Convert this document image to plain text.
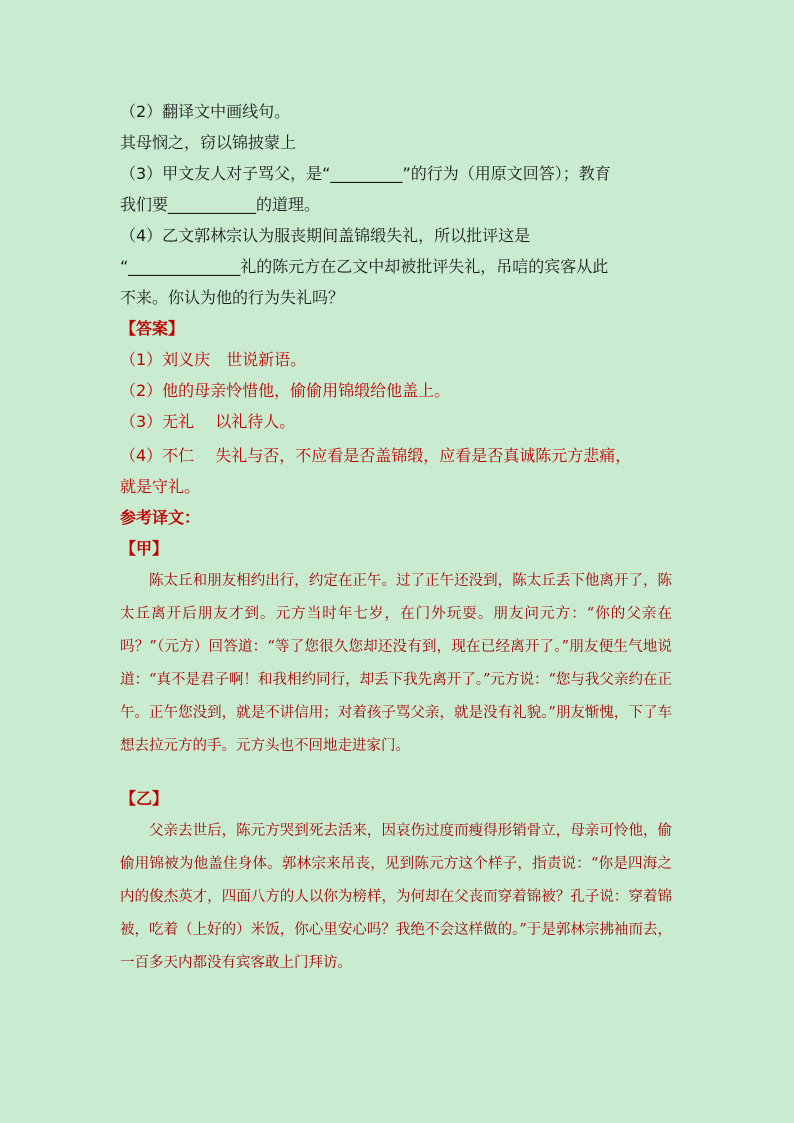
（2）翻译文中画线句。

其母悯之，窃以锦披蒙上

（3）甲文友人对子骂父，是“_________”的行为（用原文回答）；教育

我们要___________的道理。

（4）乙文郭林宗认为服丧期间盖锦缎失礼，所以批评这是

“______________礼的陈元方在乙文中却被批评失礼，吊唁的宾客从此

不来。你认为他的行为失礼吗？

【答案】

（1）刘义庆　世说新语。

（2）他的母亲怜惜他，偷偷用锦缎给他盖上。

（3）无礼　 以礼待人。

（4）不仁　 失礼与否，不应看是否盖锦缎，应看是否真诚陈元方悲痛，

就是守礼。

参考译文：

【甲】

陈太丘和朋友相约出行，约定在正午。过了正午还没到，陈太丘丢下他离开了，陈太丘离开后朋友才到。元方当时年七岁，在门外玩耍。朋友问元方：“你的父亲在吗？”（元方）回答道：“等了您很久您却还没有到，现在已经离开了。”朋友便生气地说道：“真不是君子啊！和我相约同行，却丢下我先离开了。”元方说：“您与我父亲约在正午。正午您没到，就是不讲信用；对着孩子骂父亲，就是没有礼貌。”朋友惭愧，下了车想去拉元方的手。元方头也不回地走进家门。

【乙】

父亲去世后，陈元方哭到死去活来，因哀伤过度而瘦得形销骨立，母亲可怜他，偷偷用锦被为他盖住身体。郭林宗来吊丧，见到陈元方这个样子，指责说：“你是四海之内的俊杰英才，四面八方的人以你为榜样，为何却在父丧而穿着锦被？孔子说：穿着锦被，吃着（上好的）米饭，你心里安心吗？我绝不会这样做的。”于是郭林宗拂袖而去，一百多天内都没有宾客敢上门拜访。
